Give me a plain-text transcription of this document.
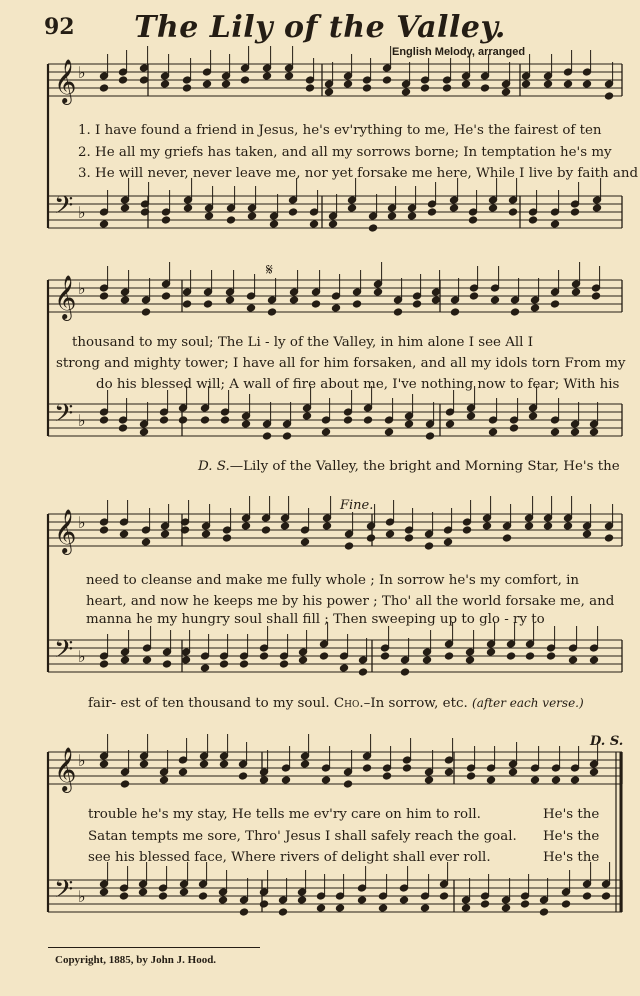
92	The Lily of the Valley.
English Melody, arranged
𝄞 ♭
𝄢 ♭
𝄞 ♭
𝄢 ♭
𝄞 ♭
𝄢 ♭
𝄞 ♭
𝄢 ♭
1. I have found a friend in Jesus, he's ev'rything to me, He's the fairest of ten
2. He all my griefs has taken, and all my sorrows borne; In temptation he's my
3. He will never, never leave me, nor yet forsake me here, While I live by faith and
𝄋
thousand to my soul; The Li - ly of the Valley, in him alone I see All I
strong and mighty tower; I have all for him forsaken, and all my idols torn From my
do his blessed will; A wall of fire about me, I've nothing now to fear; With his
D. S.—Lily of the Valley, the bright and Morning Star, He's the
Fine.
need to cleanse and make me fully whole ; In sorrow he's my comfort, in
heart, and now he keeps me by his power ; Tho' all the world forsake me, and
manna he my hungry soul shall fill ; Then sweeping up to glo - ry to
fair- est of ten thousand to my soul. Cho.–In sorrow, etc. (after each verse.)
D. S.
trouble he's my stay, He tells me ev'ry care on him to roll.
Satan tempts me sore, Thro' Jesus I shall safely reach the goal.
see his blessed face, Where rivers of delight shall ever roll.
He's the
He's the
He's the
Copyright, 1885, by John J. Hood.
